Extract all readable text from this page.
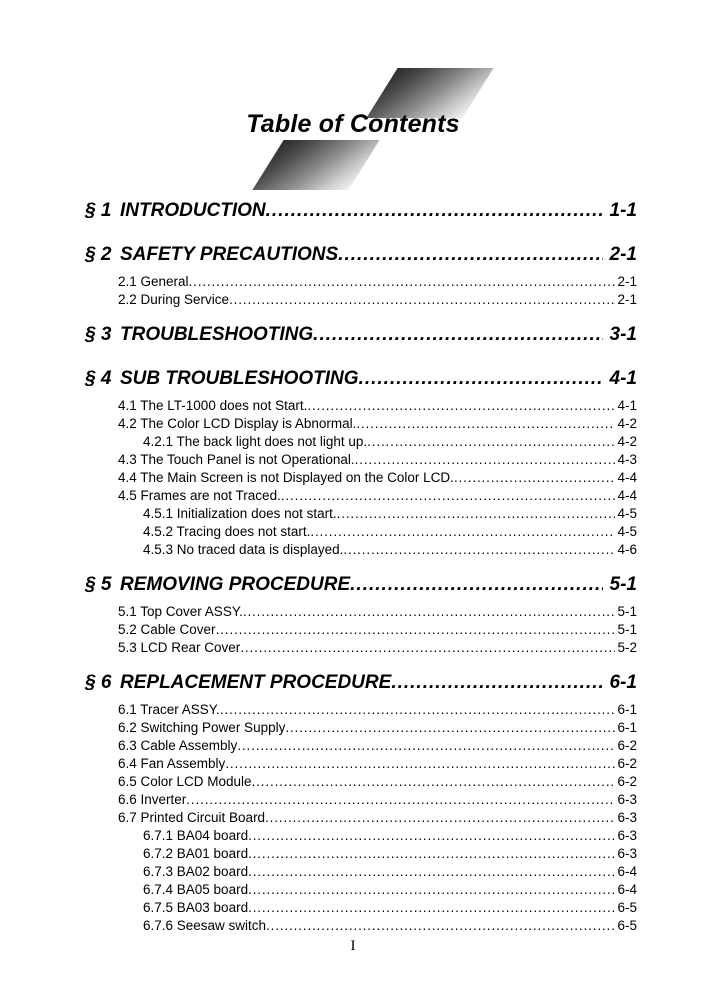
Table of Contents
§ 1 INTRODUCTION .....	1-1
§ 2 SAFETY PRECAUTIONS .....	2-1
2.1 General .....	2-1
2.2 During Service .....	2-1
§ 3 TROUBLESHOOTING .....	3-1
§ 4 SUB TROUBLESHOOTING .....	4-1
4.1 The LT-1000 does not Start. .....	4-1
4.2 The Color LCD Display is Abnormal. .....	4-2
4.2.1 The back light does not light up. .....	4-2
4.3 The Touch Panel is not Operational. .....	4-3
4.4 The Main Screen is not Displayed on the Color LCD. .....	4-4
4.5 Frames are not Traced. .....	4-4
4.5.1 Initialization does not start. .....	4-5
4.5.2 Tracing does not start. .....	4-5
4.5.3 No traced data is displayed. .....	4-6
§ 5 REMOVING PROCEDURE .....	5-1
5.1 Top Cover ASSY. .....	5-1
5.2 Cable Cover .....	5-1
5.3 LCD Rear Cover .....	5-2
§ 6 REPLACEMENT PROCEDURE .....	6-1
6.1 Tracer ASSY. .....	6-1
6.2 Switching Power Supply .....	6-1
6.3 Cable Assembly .....	6-2
6.4 Fan Assembly .....	6-2
6.5 Color LCD Module .....	6-2
6.6 Inverter .....	6-3
6.7 Printed Circuit Board .....	6-3
6.7.1 BA04 board .....	6-3
6.7.2 BA01 board .....	6-3
6.7.3 BA02 board .....	6-4
6.7.4 BA05 board .....	6-4
6.7.5 BA03 board .....	6-5
6.7.6 Seesaw switch .....	6-5
I
